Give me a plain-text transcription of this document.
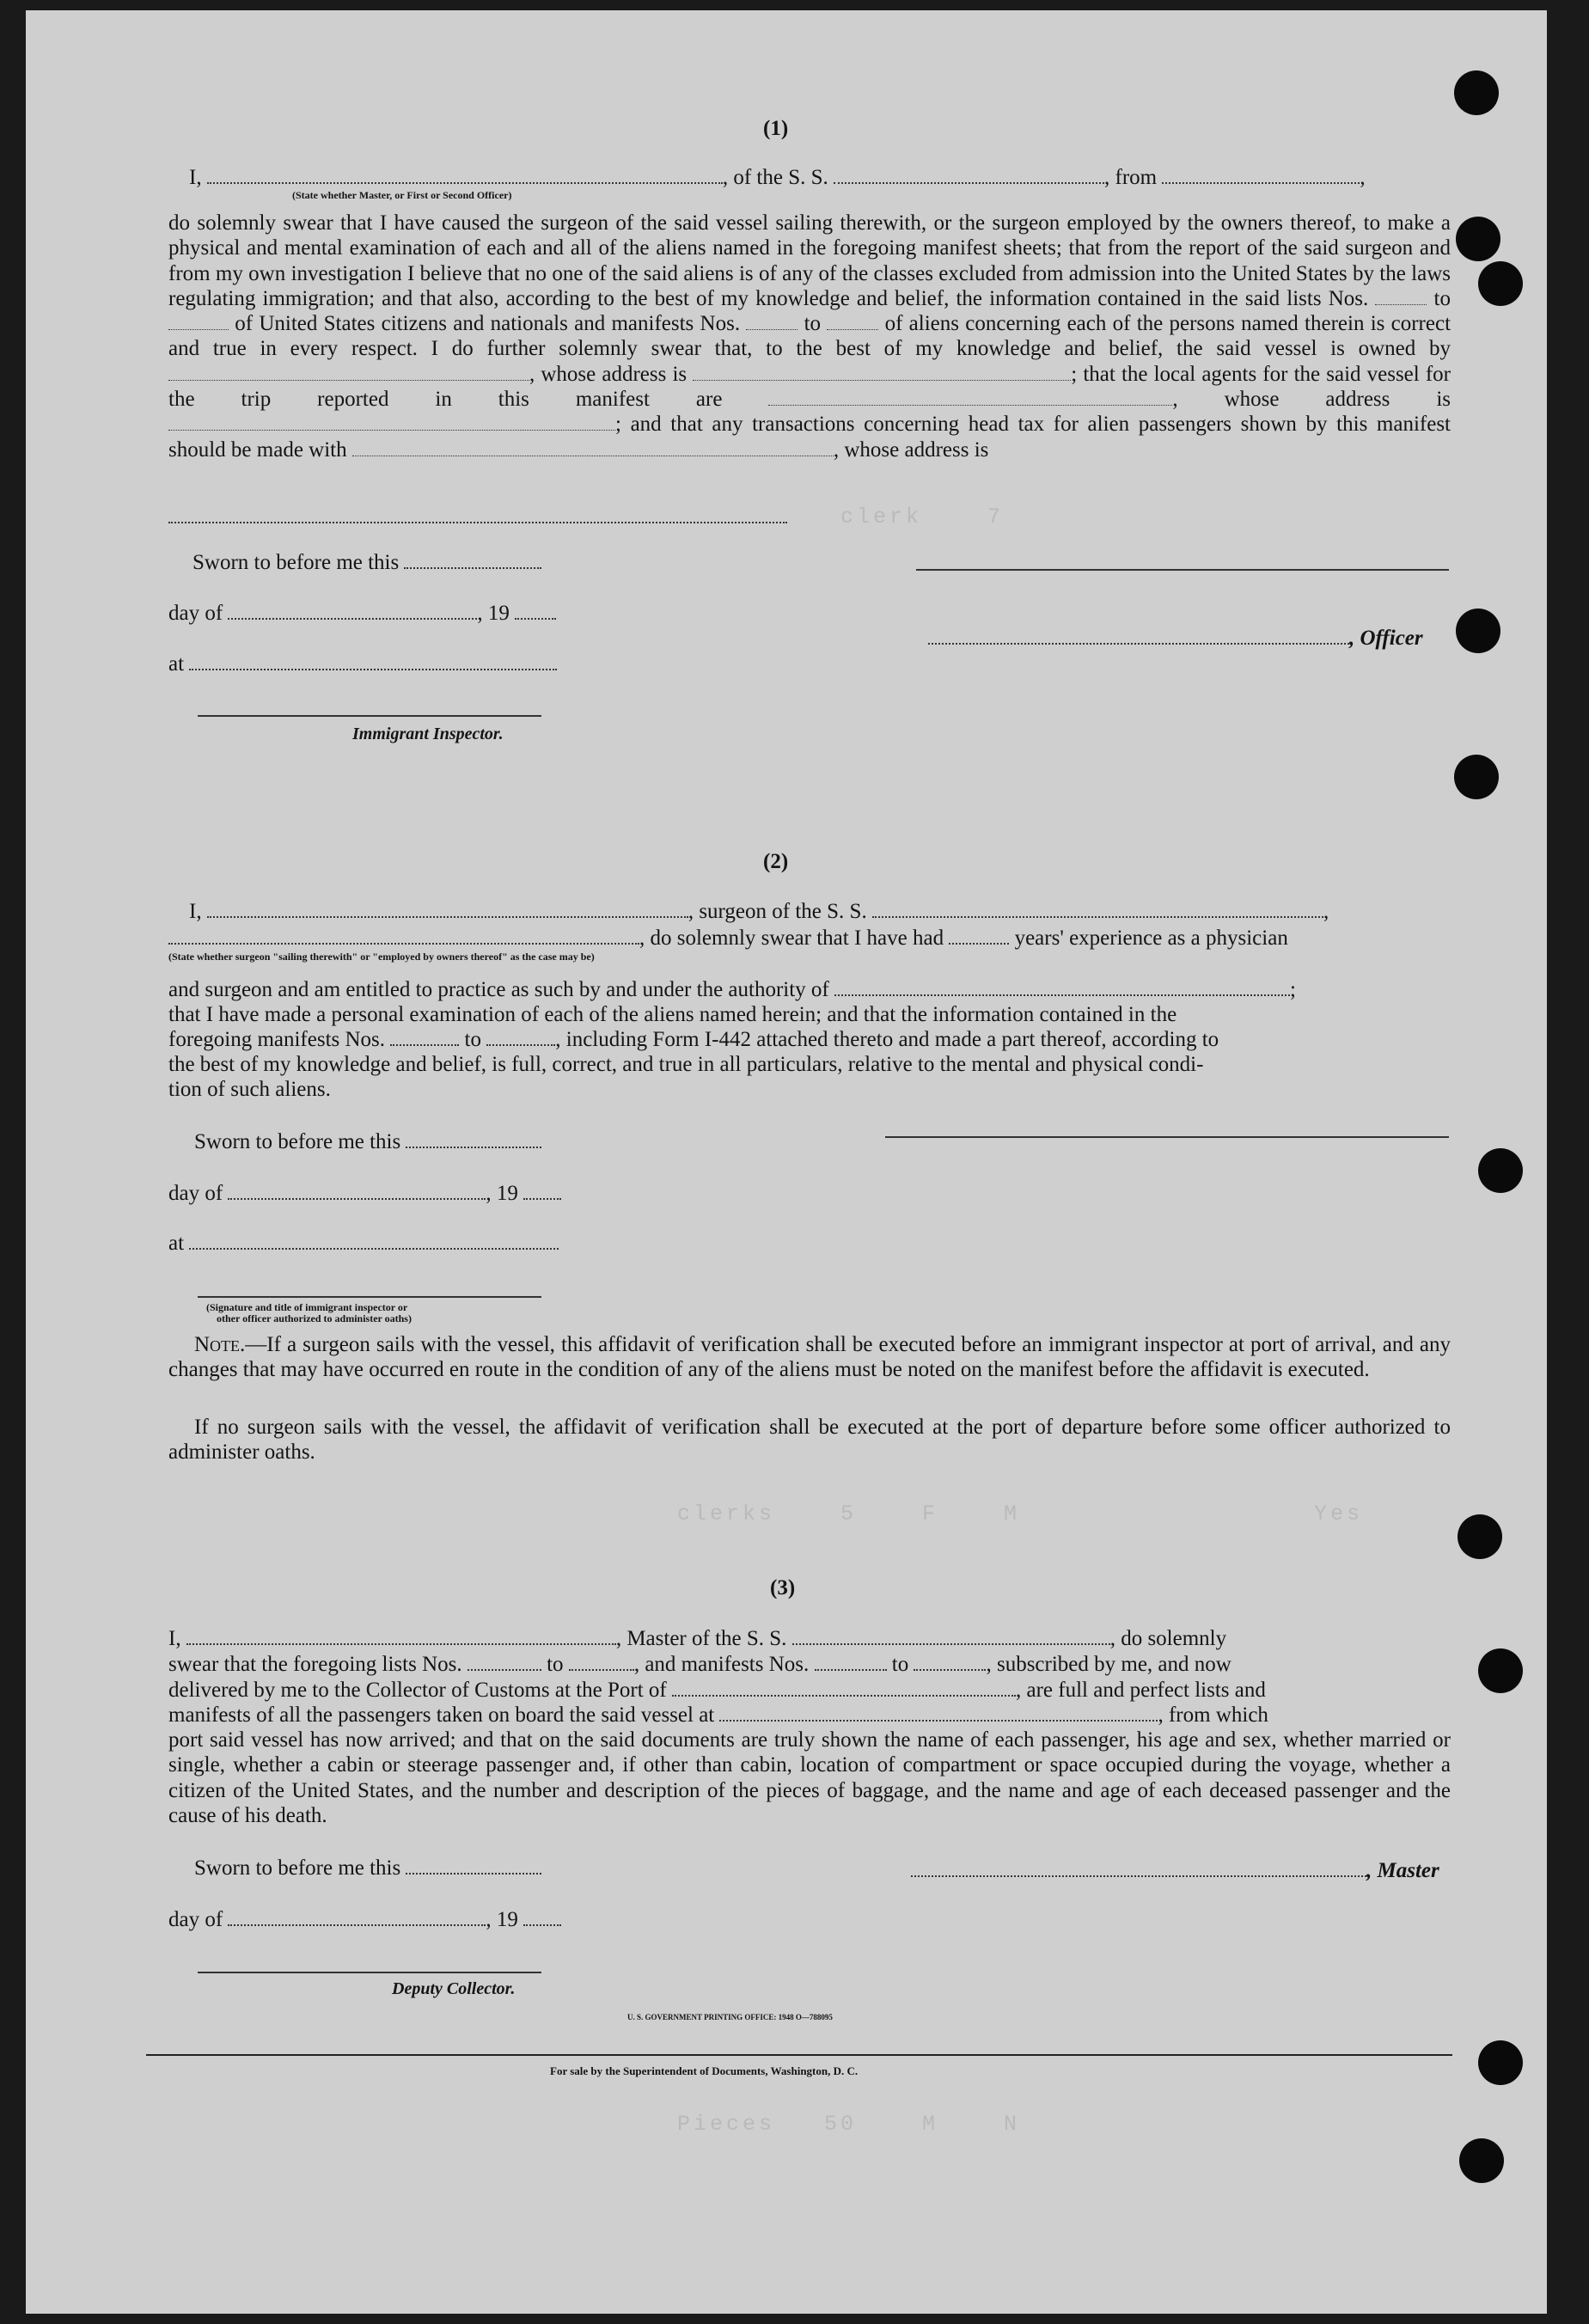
clerk    7
clerks    5    F    M                  Yes
Pieces   50    M    N
(1)
I,	, of the S. S.	, from	,
(State whether Master, or First or Second Officer)
do solemnly swear that I have caused the surgeon of the said vessel sailing therewith, or the surgeon employed by the owners thereof, to make a physical and mental examination of each and all of the aliens named in the foregoing manifest sheets; that from the report of the said surgeon and from my own investigation I believe that no one of the said aliens is of any of the classes excluded from admission into the United States by the laws regulating immigration; and that also, according to the best of my knowledge and belief, the information contained in the said lists Nos.	to  of United States citizens and nationals and manifests Nos.	to	of aliens concerning each of the persons named therein is correct and true in every respect. I do further solemnly swear that, to the best of my knowledge and belief, the said vessel is owned by , whose address is	; that the local agents for the said vessel for the trip reported in this manifest are	, whose address is ; and that any transactions concerning head tax for alien passengers shown by this manifest should be made with	, whose address is
Sworn to before me this
day of	, 19
, Officer
at
Immigrant Inspector.
(2)
I,	, surgeon of the S. S.	,
, do solemnly swear that I have had	years' experience as a physician
(State whether surgeon "sailing therewith" or "employed by owners thereof" as the case may be)
and surgeon and am entitled to practice as such by and under the authority of	;
that I have made a personal examination of each of the aliens named herein; and that the information contained in the
foregoing manifests Nos.	to	, including Form I-442 attached thereto and made a part thereof, according to
the best of my knowledge and belief, is full, correct, and true in all particulars, relative to the mental and physical condi-
tion of such aliens.
Sworn to before me this
day of	, 19
at
(Signature and title of immigrant inspector or
other officer authorized to administer oaths)
Note.—If a surgeon sails with the vessel, this affidavit of verification shall be executed before an immigrant inspector at port of arrival, and any changes that may have occurred en route in the condition of any of the aliens must be noted on the manifest before the affidavit is executed.
If no surgeon sails with the vessel, the affidavit of verification shall be executed at the port of departure before some officer authorized to administer oaths.
(3)
I,	, Master of the S. S.	, do solemnly
swear that the foregoing lists Nos.	to	, and manifests Nos.	to	, subscribed by me, and now
delivered by me to the Collector of Customs at the Port of	, are full and perfect lists and
manifests of all the passengers taken on board the said vessel at	, from which
port said vessel has now arrived; and that on the said documents are truly shown the name of each passenger, his age and sex, whether married or single, whether a cabin or steerage passenger and, if other than cabin, location of compartment or space occupied during the voyage, whether a citizen of the United States, and the number and description of the pieces of baggage, and the name and age of each deceased passenger and the cause of his death.
Sworn to before me this	, Master
day of	, 19
Deputy Collector.
U. S. GOVERNMENT PRINTING OFFICE: 1948 O—788095
For sale by the Superintendent of Documents, Washington, D. C.
